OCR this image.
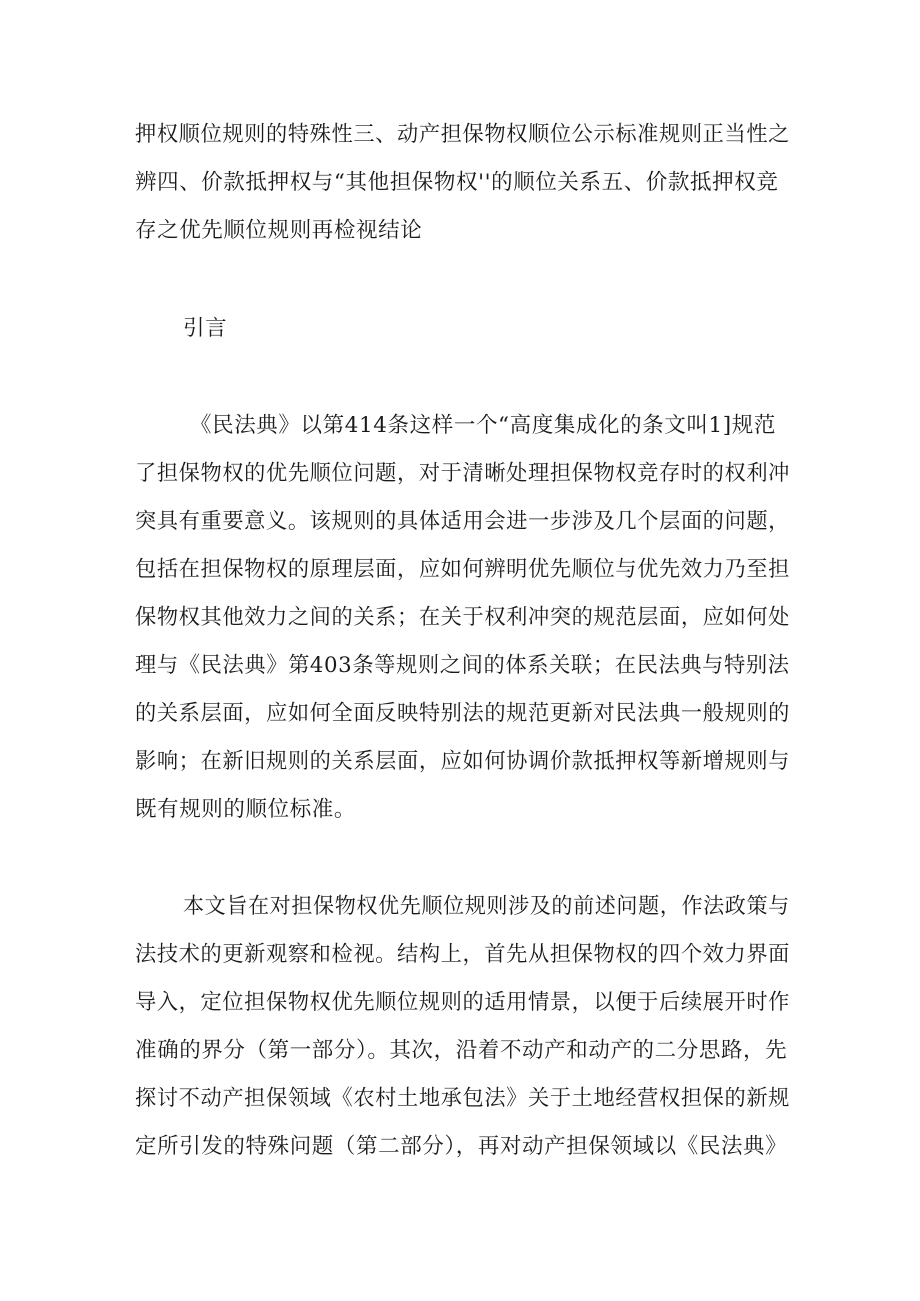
押权顺位规则的特殊性三、动产担保物权顺位公示标准规则正当性之
辨四、价款抵押权与“其他担保物权''的顺位关系五、价款抵押权竞
存之优先顺位规则再检视结论
引言
《民法典》以第414条这样一个“高度集成化的条文叫1]规范
了担保物权的优先顺位问题，对于清晰处理担保物权竞存时的权利冲
突具有重要意义。该规则的具体适用会进一步涉及几个层面的问题，
包括在担保物权的原理层面，应如何辨明优先顺位与优先效力乃至担
保物权其他效力之间的关系；在关于权利冲突的规范层面，应如何处
理与《民法典》第403条等规则之间的体系关联；在民法典与特别法
的关系层面，应如何全面反映特别法的规范更新对民法典一般规则的
影响；在新旧规则的关系层面，应如何协调价款抵押权等新增规则与
既有规则的顺位标准。
本文旨在对担保物权优先顺位规则涉及的前述问题，作法政策与
法技术的更新观察和检视。结构上，首先从担保物权的四个效力界面
导入，定位担保物权优先顺位规则的适用情景，以便于后续展开时作
准确的界分（第一部分）。其次，沿着不动产和动产的二分思路，先
探讨不动产担保领域《农村土地承包法》关于土地经营权担保的新规
定所引发的特殊问题（第二部分），再对动产担保领域以《民法典》
